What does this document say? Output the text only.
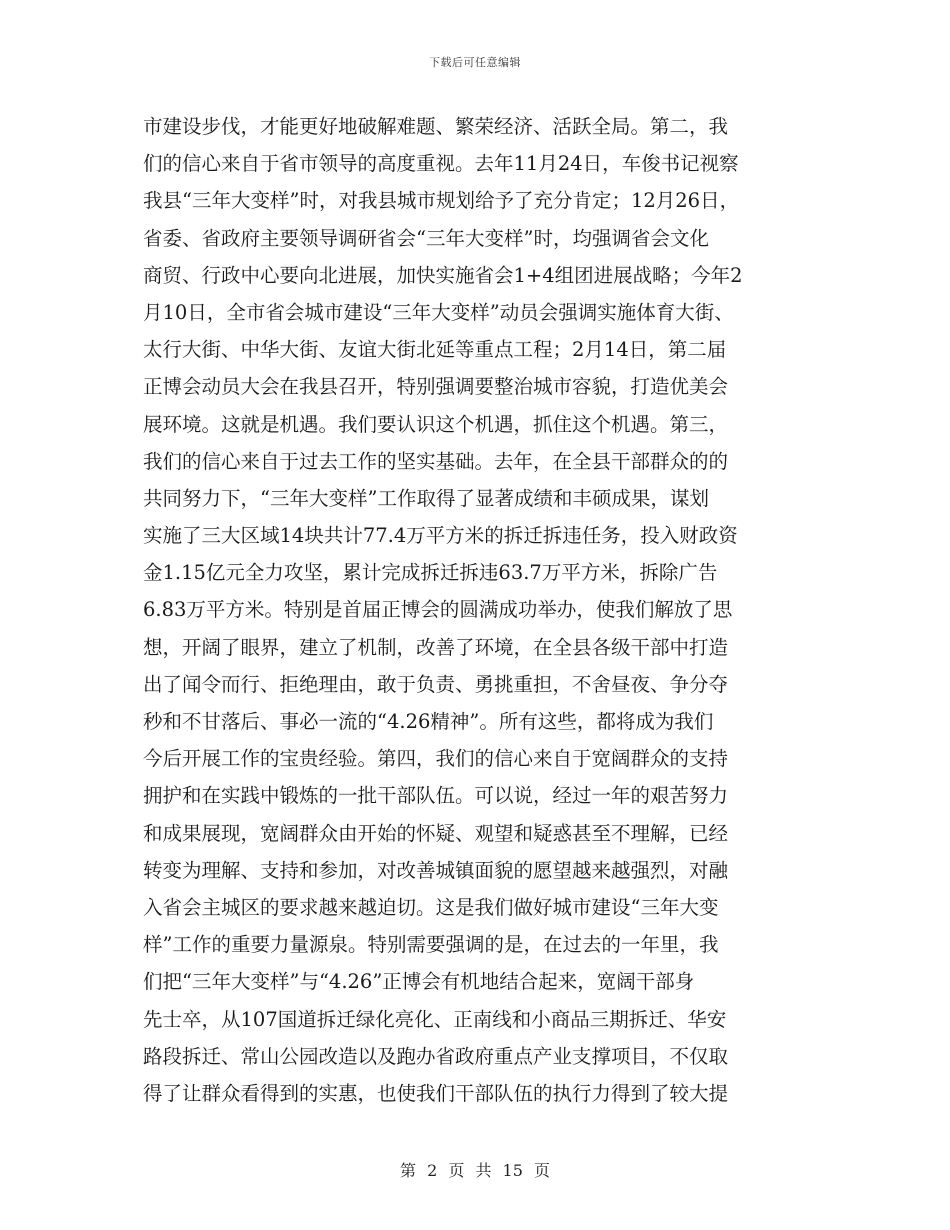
下载后可任意编辑
市建设步伐，才能更好地破解难题、繁荣经济、活跃全局。第二，我
们的信心来自于省市领导的高度重视。去年11月24日，车俊书记视察
我县“三年大变样”时，对我县城市规划给予了充分肯定；12月26日，
省委、省政府主要领导调研省会“三年大变样”时，均强调省会文化
商贸、行政中心要向北进展，加快实施省会1+4组团进展战略；今年2
月10日，全市省会城市建设“三年大变样”动员会强调实施体育大街、
太行大街、中华大街、友谊大街北延等重点工程；2月14日，第二届
正博会动员大会在我县召开，特别强调要整治城市容貌，打造优美会
展环境。这就是机遇。我们要认识这个机遇，抓住这个机遇。第三，
我们的信心来自于过去工作的坚实基础。去年，在全县干部群众的的
共同努力下，“三年大变样”工作取得了显著成绩和丰硕成果，谋划
实施了三大区域14块共计77.4万平方米的拆迁拆违任务，投入财政资
金1.15亿元全力攻坚，累计完成拆迁拆违63.7万平方米，拆除广告
6.83万平方米。特别是首届正博会的圆满成功举办，使我们解放了思
想，开阔了眼界，建立了机制，改善了环境，在全县各级干部中打造
出了闻令而行、拒绝理由，敢于负责、勇挑重担，不舍昼夜、争分夺
秒和不甘落后、事必一流的“4.26精神”。所有这些，都将成为我们
今后开展工作的宝贵经验。第四，我们的信心来自于宽阔群众的支持
拥护和在实践中锻炼的一批干部队伍。可以说，经过一年的艰苦努力
和成果展现，宽阔群众由开始的怀疑、观望和疑惑甚至不理解，已经
转变为理解、支持和参加，对改善城镇面貌的愿望越来越强烈，对融
入省会主城区的要求越来越迫切。这是我们做好城市建设“三年大变
样”工作的重要力量源泉。特别需要强调的是，在过去的一年里，我
们把“三年大变样”与“4.26”正博会有机地结合起来，宽阔干部身
先士卒，从107国道拆迁绿化亮化、正南线和小商品三期拆迁、华安
路段拆迁、常山公园改造以及跑办省政府重点产业支撑项目，不仅取
得了让群众看得到的实惠，也使我们干部队伍的执行力得到了较大提
第 2 页 共 15 页
